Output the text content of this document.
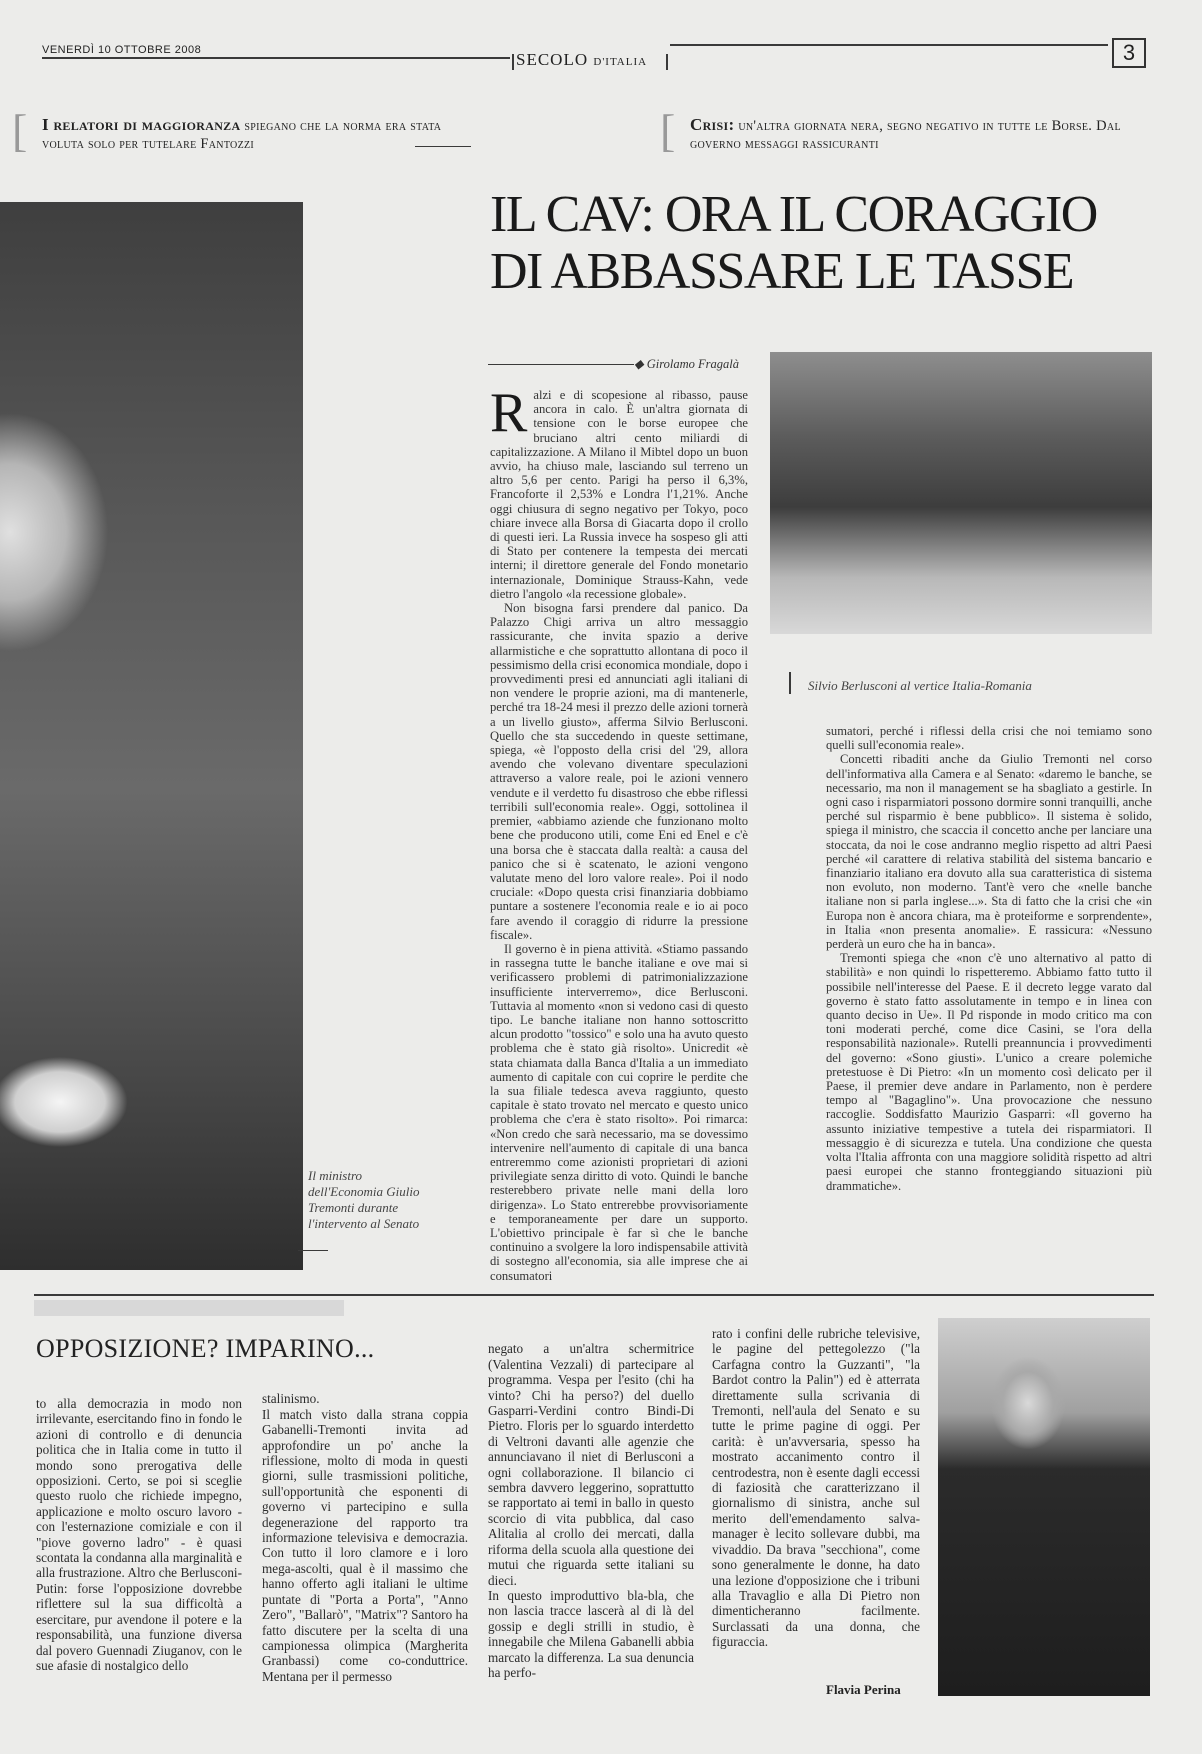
VENERDÌ 10 OTTOBRE 2008	SECOLO D'ITALIA	3
[ I relatori di maggioranza spiegano che la norma era stata voluta solo per tutelare Fantozzi	[ Crisi: un'altra giornata nera, segno negativo in tutte le Borse. Dal governo messaggi rassicuranti
Il ministro dell'Economia Giulio Tremonti durante l'intervento al Senato
IL CAV: ORA IL CORAGGIO
DI ABBASSARE LE TASSE
◆ Girolamo Fragalà

Ralzi e di scopesione al ribasso, pause ancora in calo. È un'altra giornata di tensione con le borse europee che bruciano altri cento miliardi di capitalizzazione. A Milano il Mibtel dopo un buon avvio, ha chiuso male, lasciando sul terreno un altro 5,6 per cento. Parigi ha perso il 6,3%, Francoforte il 2,53% e Londra l'1,21%. Anche oggi chiusura di segno negativo per Tokyo, poco chiare invece alla Borsa di Giacarta dopo il crollo di questi ieri. La Russia invece ha sospeso gli atti di Stato per contenere la tempesta dei mercati interni; il direttore generale del Fondo monetario internazionale, Dominique Strauss-Kahn, vede dietro l'angolo «la recessione globale».

Non bisogna farsi prendere dal panico. Da Palazzo Chigi arriva un altro messaggio rassicurante, che invita spazio a derive allarmistiche e che soprattutto allontana di poco il pessimismo della crisi economica mondiale, dopo i provvedimenti presi ed annunciati agli italiani di non vendere le proprie azioni, ma di mantenerle, perché tra 18-24 mesi il prezzo delle azioni tornerà a un livello giusto», afferma Silvio Berlusconi. Quello che sta succedendo in queste settimane, spiega, «è l'opposto della crisi del '29, allora avendo che volevano diventare speculazioni attraverso a valore reale, poi le azioni vennero vendute e il verdetto fu disastroso che ebbe riflessi terribili sull'economia reale». Oggi, sottolinea il premier, «abbiamo aziende che funzionano molto bene che producono utili, come Eni ed Enel e c'è una borsa che è staccata dalla realtà: a causa del panico che si è scatenato, le azioni vengono valutate meno del loro valore reale». Poi il nodo cruciale: «Dopo questa crisi finanziaria dobbiamo puntare a sostenere l'economia reale e io ai poco fare avendo il coraggio di ridurre la pressione fiscale».

Il governo è in piena attività. «Stiamo passando in rassegna tutte le banche italiane e ove mai si verificassero problemi di patrimonializzazione insufficiente interverremo», dice Berlusconi. Tuttavia al momento «non si vedono casi di questo tipo. Le banche italiane non hanno sottoscritto alcun prodotto "tossico" e solo una ha avuto questo problema che è stato già risolto». Unicredit «è stata chiamata dalla Banca d'Italia a un immediato aumento di capitale con cui coprire le perdite che la sua filiale tedesca aveva raggiunto, questo capitale è stato trovato nel mercato e questo unico problema che c'era è stato risolto». Poi rimarca: «Non credo che sarà necessario, ma se dovessimo intervenire nell'aumento di capitale di una banca entreremmo come azionisti proprietari di azioni privilegiate senza diritto di voto. Quindi le banche resterebbero private nelle mani della loro dirigenza». Lo Stato entrerebbe provvisoriamente e temporaneamente per dare un supporto. L'obiettivo principale è far sì che le banche continuino a svolgere la loro indispensabile attività di sostegno all'economia, sia alle imprese che ai consumatori

Silvio Berlusconi al vertice Italia-Romania

sumatori, perché i riflessi della crisi che noi temiamo sono quelli sull'economia reale».

Concetti ribaditi anche da Giulio Tremonti nel corso dell'informativa alla Camera e al Senato: «daremo le banche, se necessario, ma non il management se ha sbagliato a gestirle. In ogni caso i risparmiatori possono dormire sonni tranquilli, anche perché sul risparmio è bene pubblico». Il sistema è solido, spiega il ministro, che scaccia il concetto anche per lanciare una stoccata, da noi le cose andranno meglio rispetto ad altri Paesi perché «il carattere di relativa stabilità del sistema bancario e finanziario italiano era dovuto alla sua caratteristica di sistema non evoluto, non moderno. Tant'è vero che «nelle banche italiane non si parla inglese...». Sta di fatto che la crisi che «in Europa non è ancora chiara, ma è proteiforme e sorprendente», in Italia «non presenta anomalie». E rassicura: «Nessuno perderà un euro che ha in banca».

Tremonti spiega che «non c'è uno alternativo al patto di stabilità» e non quindi lo rispetteremo. Abbiamo fatto tutto il possibile nell'interesse del Paese. E il decreto legge varato dal governo è stato fatto assolutamente in tempo e in linea con quanto deciso in Ue». Il Pd risponde in modo critico ma con toni moderati perché, come dice Casini, se l'ora della responsabilità nazionale». Rutelli preannuncia i provvedimenti del governo: «Sono giusti». L'unico a creare polemiche pretestuose è Di Pietro: «In un momento così delicato per il Paese, il premier deve andare in Parlamento, non è perdere tempo al "Bagaglino"». Una provocazione che nessuno raccoglie. Soddisfatto Maurizio Gasparri: «Il governo ha assunto iniziative tempestive a tutela dei risparmiatori. Il messaggio è di sicurezza e tutela. Una condizione che questa volta l'Italia affronta con una maggiore solidità rispetto ad altri paesi europei che stanno fronteggiando situazioni più drammatiche».

OPPOSIZIONE? IMPARINO...

to alla democrazia in modo non irrilevante, esercitando fino in fondo le azioni di controllo e di denuncia politica che in Italia come in tutto il mondo sono prerogativa delle opposizioni. Certo, se poi si sceglie questo ruolo che richiede impegno, applicazione e molto oscuro lavoro - con l'esternazione comiziale e con il "piove governo ladro" - è quasi scontata la condanna alla marginalità e alla frustrazione. Altro che Berlusconi-Putin: forse l'opposizione dovrebbe riflettere sul la sua difficoltà a esercitare, pur avendone il potere e la responsabilità, una funzione diversa dal povero Guennadi Ziuganov, con le sue afasie di nostalgico dello

stalinismo.
Il match visto dalla strana coppia Gabanelli-Tremonti invita ad approfondire un po' anche la riflessione, molto di moda in questi giorni, sulle trasmissioni politiche, sull'opportunità che esponenti di governo vi partecipino e sulla degenerazione del rapporto tra informazione televisiva e democrazia. Con tutto il loro clamore e i loro mega-ascolti, qual è il massimo che hanno offerto agli italiani le ultime puntate di "Porta a Porta", "Anno Zero", "Ballarò", "Matrix"? Santoro ha fatto discutere per la scelta di una campionessa olimpica (Margherita Granbassi) come co-conduttrice. Mentana per il permesso

negato a un'altra schermitrice (Valentina Vezzali) di partecipare al programma. Vespa per l'esito (chi ha vinto? Chi ha perso?) del duello Gasparri-Verdini contro Bindi-Di Pietro. Floris per lo sguardo interdetto di Veltroni davanti alle agenzie che annunciavano il niet di Berlusconi a ogni collaborazione. Il bilancio ci sembra davvero leggerino, soprattutto se rapportato ai temi in ballo in questo scorcio di vita pubblica, dal caso Alitalia al crollo dei mercati, dalla riforma della scuola alla questione dei mutui che riguarda sette italiani su dieci.
In questo improduttivo bla-bla, che non lascia tracce lascerà al di là del gossip e degli strilli in studio, è innegabile che Milena Gabanelli abbia marcato la differenza. La sua denuncia ha perfo-

rato i confini delle rubriche televisive, le pagine del pettegolezzo ("la Carfagna contro la Guzzanti", "la Bardot contro la Palin") ed è atterrata direttamente sulla scrivania di Tremonti, nell'aula del Senato e su tutte le prime pagine di oggi. Per carità: è un'avversaria, spesso ha mostrato accanimento contro il centrodestra, non è esente dagli eccessi di faziosità che caratterizzano il giornalismo di sinistra, anche sul merito dell'emendamento salva-manager è lecito sollevare dubbi, ma vivaddio. Da brava "secchiona", come sono generalmente le donne, ha dato una lezione d'opposizione che i tribuni alla Travaglio e alla Di Pietro non dimenticheranno facilmente. Surclassati da una donna, che figuraccia.

Flavia Perina
